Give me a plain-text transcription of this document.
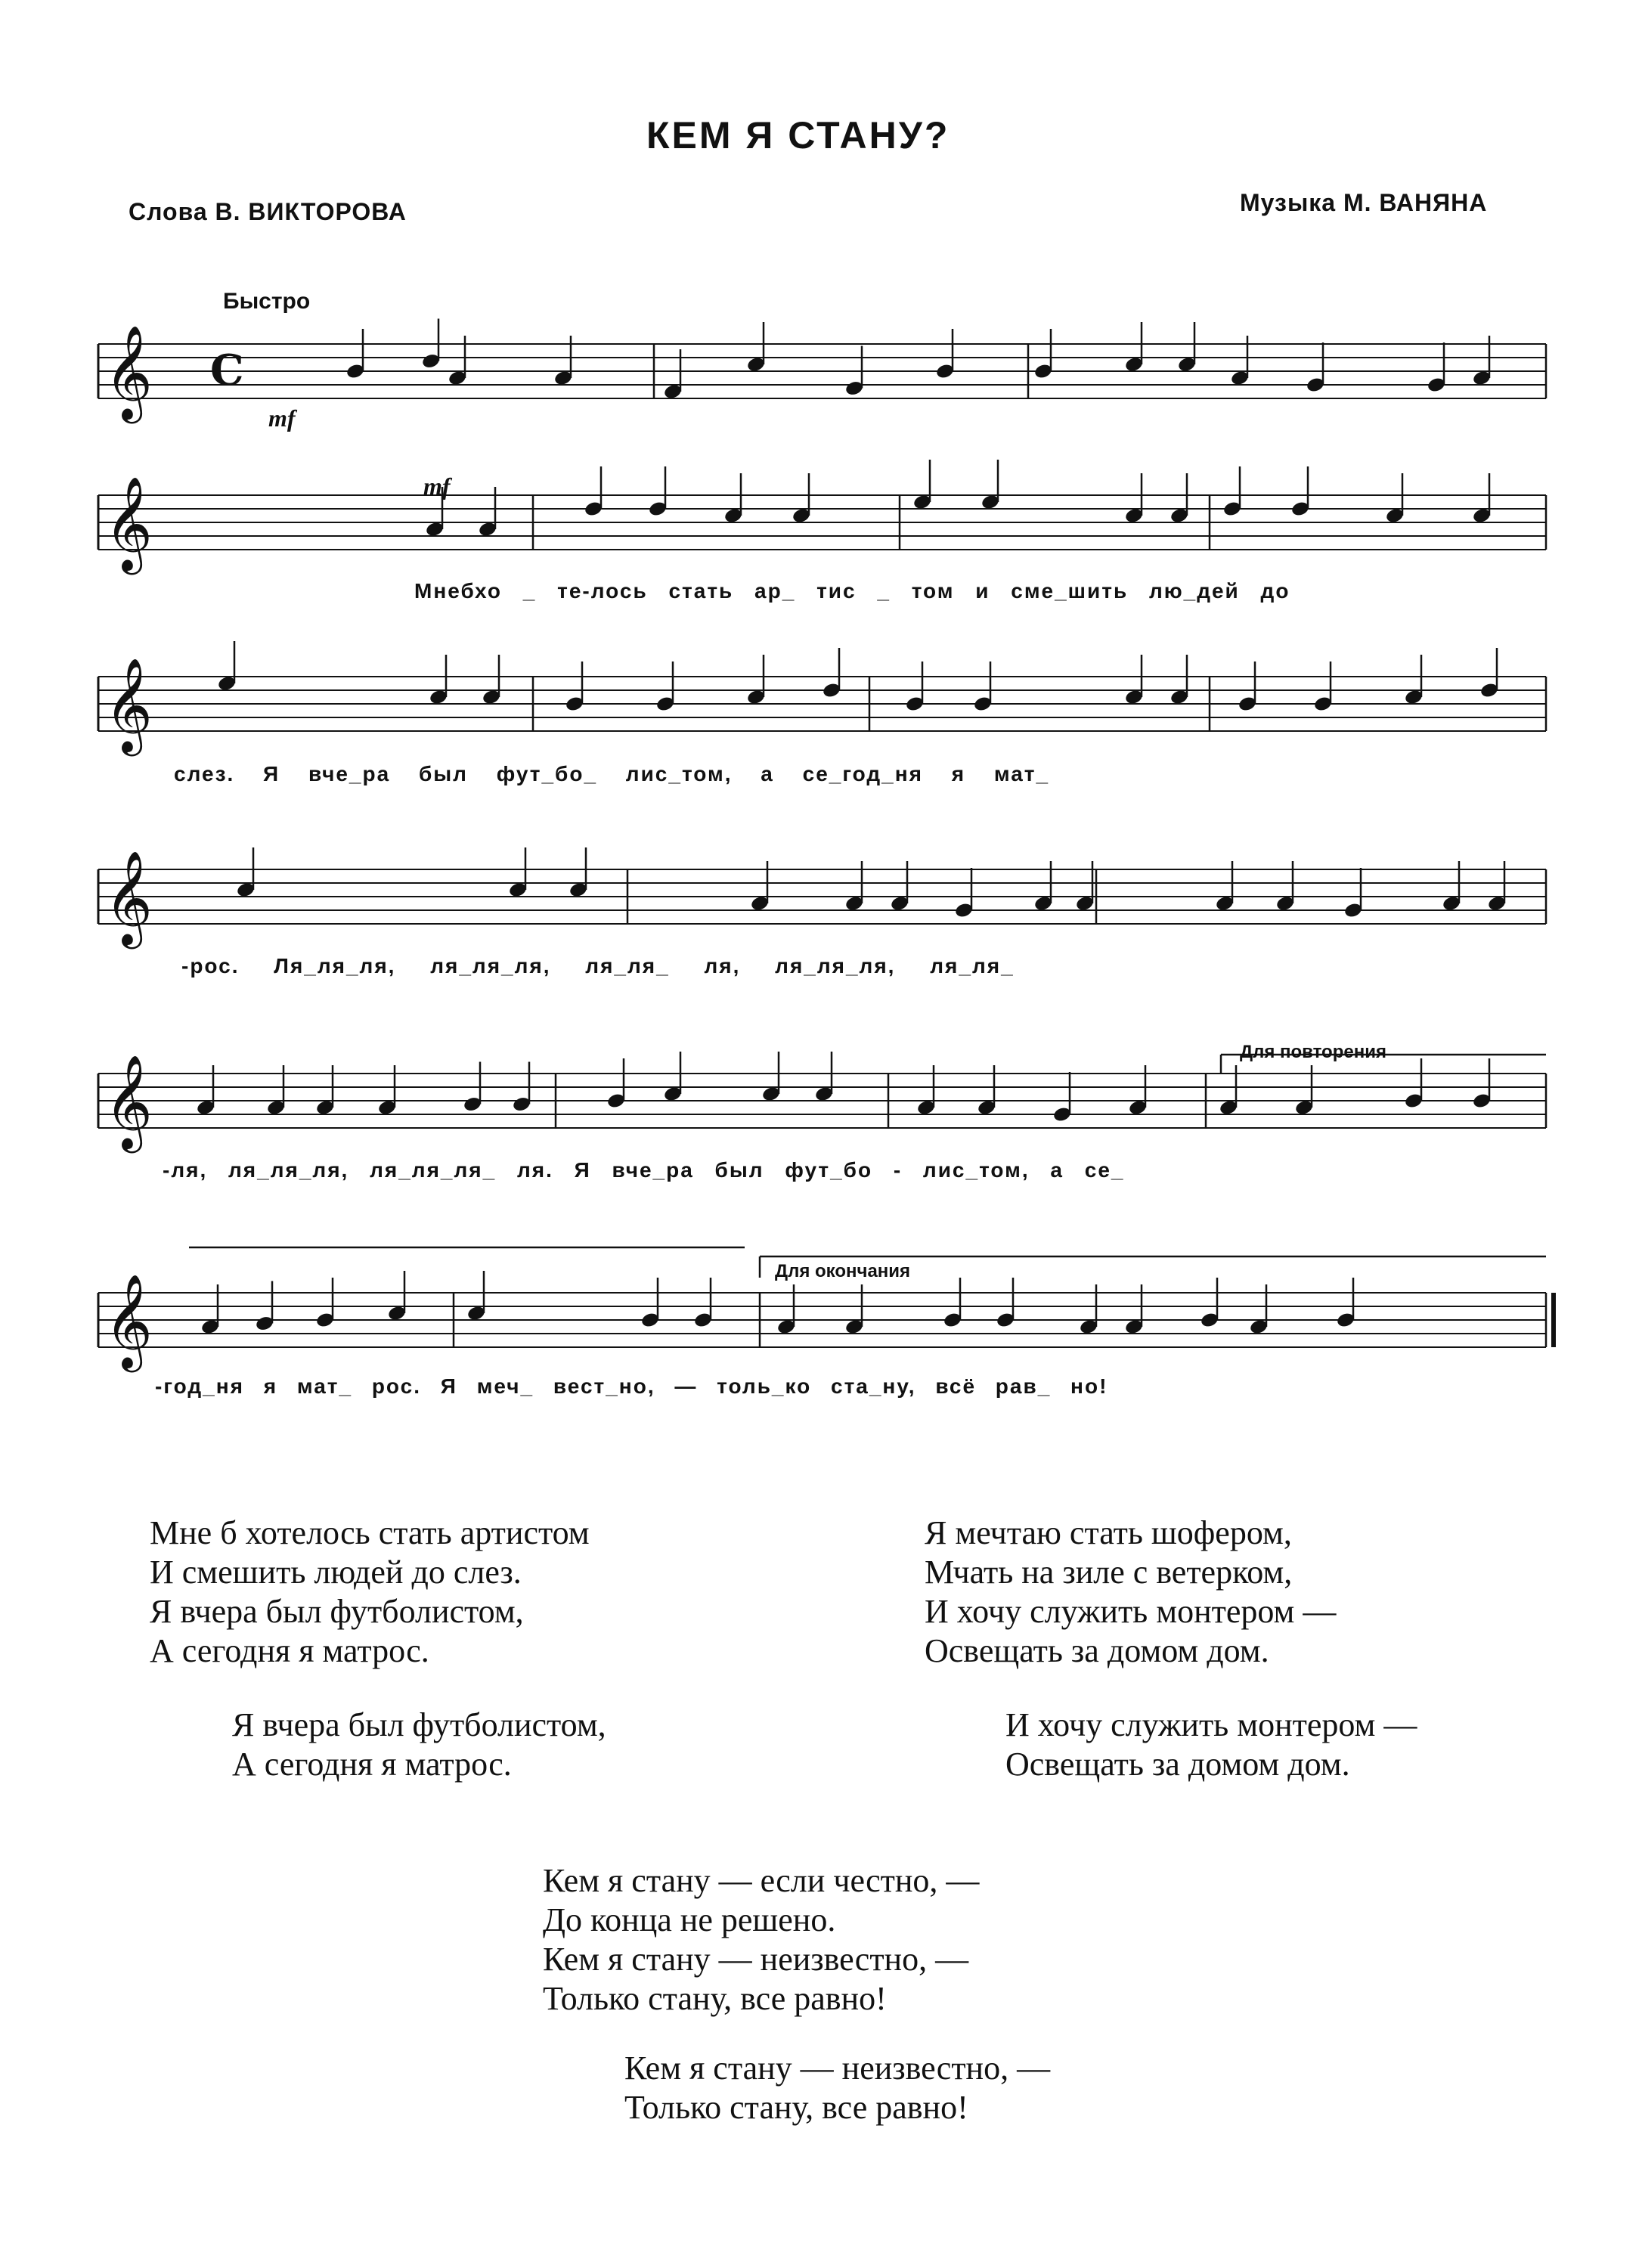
КЕМ Я СТАНУ?
Слова В. ВИКТОРОВА	Музыка М. ВАНЯНА
Быстро
mf
mf
Для повторения
Для окончания
𝄞 C
𝄞
𝄞
𝄞
𝄞
𝄞
Мнебхо _ те-лось стать ар_ тис _ том и сме_шить лю_дей до
слез. Я вче_ра был фут_бо_ лис_том, а се_год_ня я мат_
-рос. Ля_ля_ля, ля_ля_ля, ля_ля_ ля, ля_ля_ля, ля_ля_
-ля, ля_ля_ля, ля_ля_ля_ ля. Я вче_ра был фут_бо - лис_том, а се_
-год_ня я мат_ рос. Я меч_ вест_но, — толь_ко ста_ну, всё рав_ но!
Мне б хотелось стать артистом
И смешить людей до слез.
Я вчера был футболистом,
А сегодня я матрос.
Я вчера был футболистом,
А сегодня я матрос.
Я мечтаю стать шофером,
Мчать на зиле с ветерком,
И хочу служить монтером —
Освещать за домом дом.
И хочу служить монтером —
Освещать за домом дом.
Кем я стану — если честно, —
До конца не решено.
Кем я стану — неизвестно, —
Только стану, все равно!
Кем я стану — неизвестно, —
Только стану, все равно!
